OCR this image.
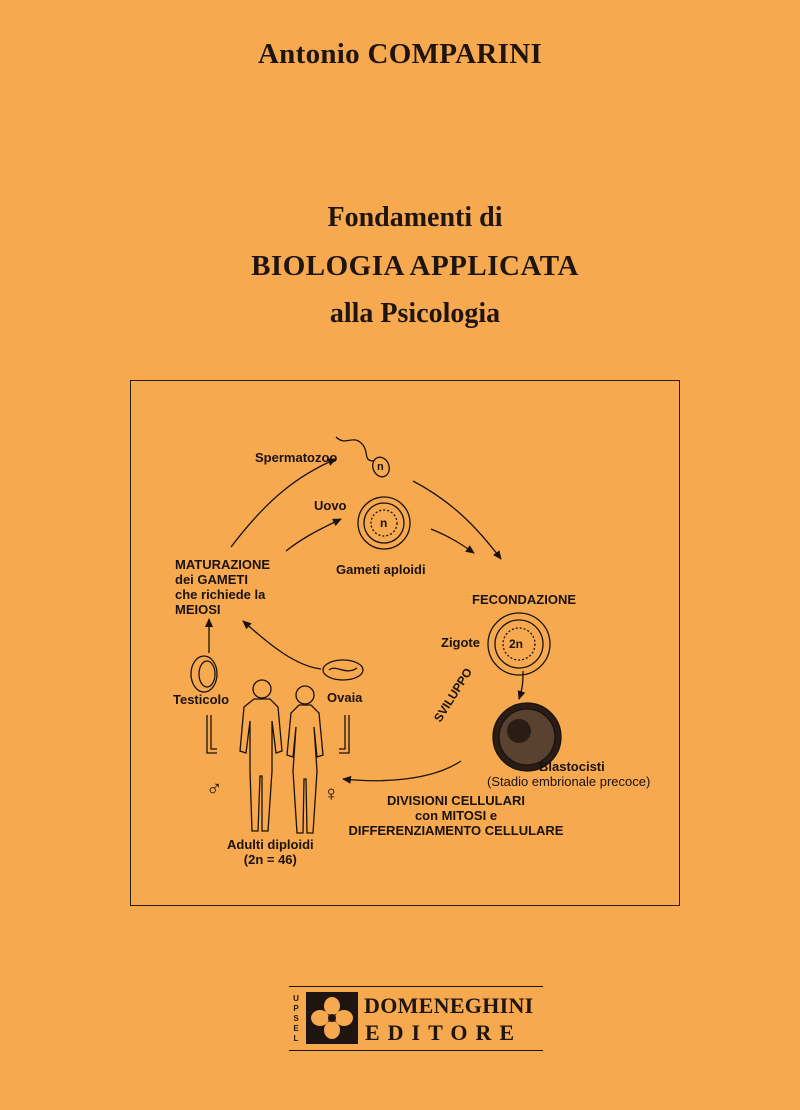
Antonio COMPARINI
Fondamenti di
BIOLOGIA APPLICATA
alla Psicologia
Spermatozoo
n
Uovo
n
Gameti aploidi
MATURAZIONE
dei GAMETI
che richiede la
MEIOSI
FECONDAZIONE
Zigote 2n
Testicolo	Ovaia	SVILUPPO
Blastocisti
(Stadio embrionale precoce)
DIVISIONI CELLULARI
con MITOSI e
DIFFERENZIAMENTO CELLULARE
♂	♀
Adulti diploidi
(2n = 46)
U
P
S
E
L
DOMENEGHINI
EDITORE
